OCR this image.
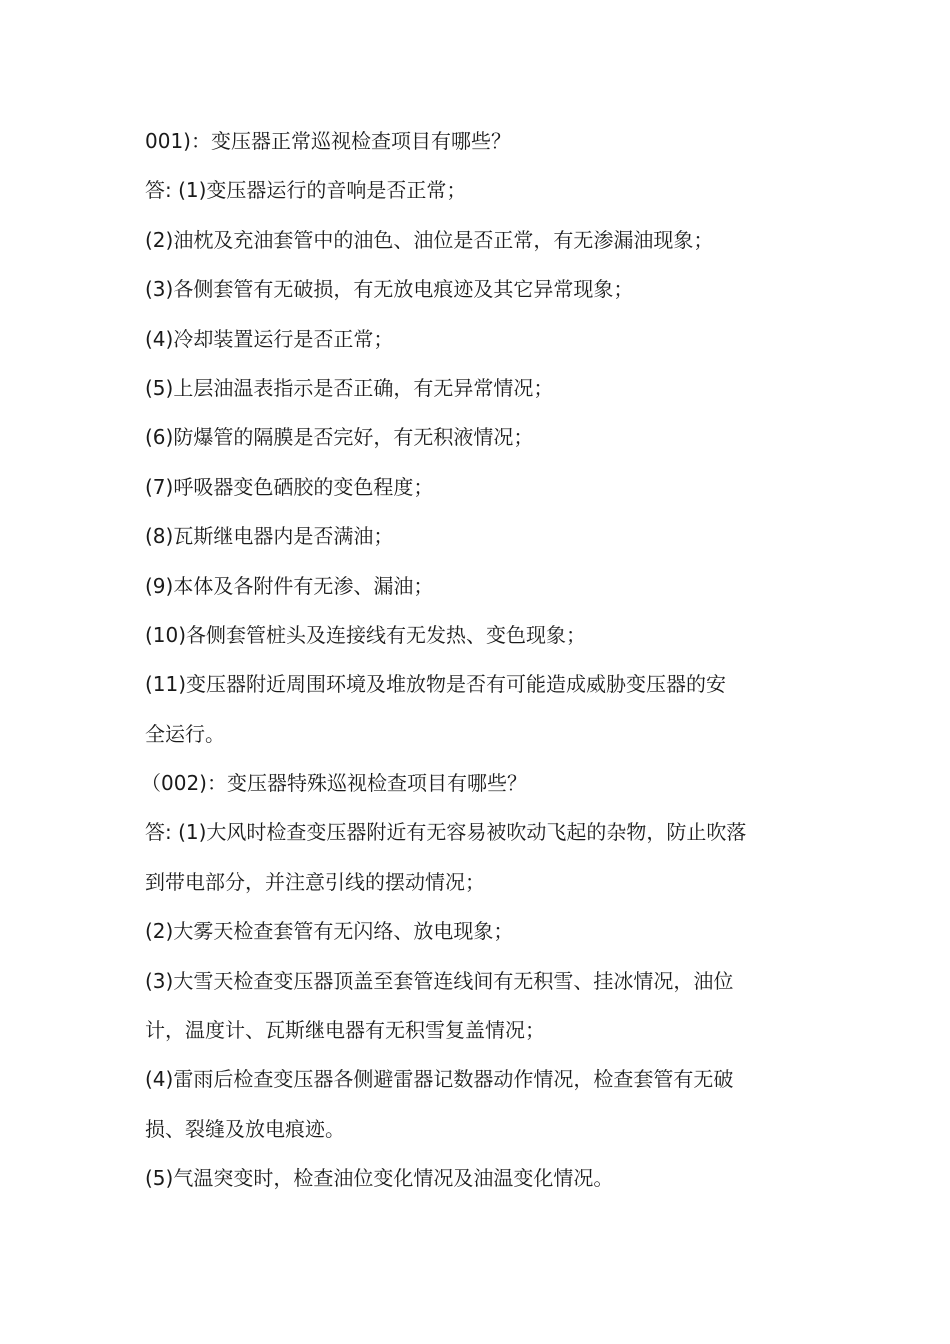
001)：变压器正常巡视检查项目有哪些？
答: (1)变压器运行的音响是否正常；
(2)油枕及充油套管中的油色、油位是否正常，有无渗漏油现象；
(3)各侧套管有无破损，有无放电痕迹及其它异常现象；
(4)冷却装置运行是否正常；
(5)上层油温表指示是否正确，有无异常情况；
(6)防爆管的隔膜是否完好，有无积液情况；
(7)呼吸器变色硒胶的变色程度；
(8)瓦斯继电器内是否满油；
(9)本体及各附件有无渗、漏油；
(10)各侧套管桩头及连接线有无发热、变色现象；
(11)变压器附近周围环境及堆放物是否有可能造成威胁变压器的安
全运行。
（002)：变压器特殊巡视检查项目有哪些？
答: (1)大风时检查变压器附近有无容易被吹动飞起的杂物，防止吹落
到带电部分，并注意引线的摆动情况；
(2)大雾天检查套管有无闪络、放电现象；
(3)大雪天检查变压器顶盖至套管连线间有无积雪、挂冰情况，油位
计，温度计、瓦斯继电器有无积雪复盖情况；
(4)雷雨后检查变压器各侧避雷器记数器动作情况，检查套管有无破
损、裂缝及放电痕迹。
(5)气温突变时，检查油位变化情况及油温变化情况。
